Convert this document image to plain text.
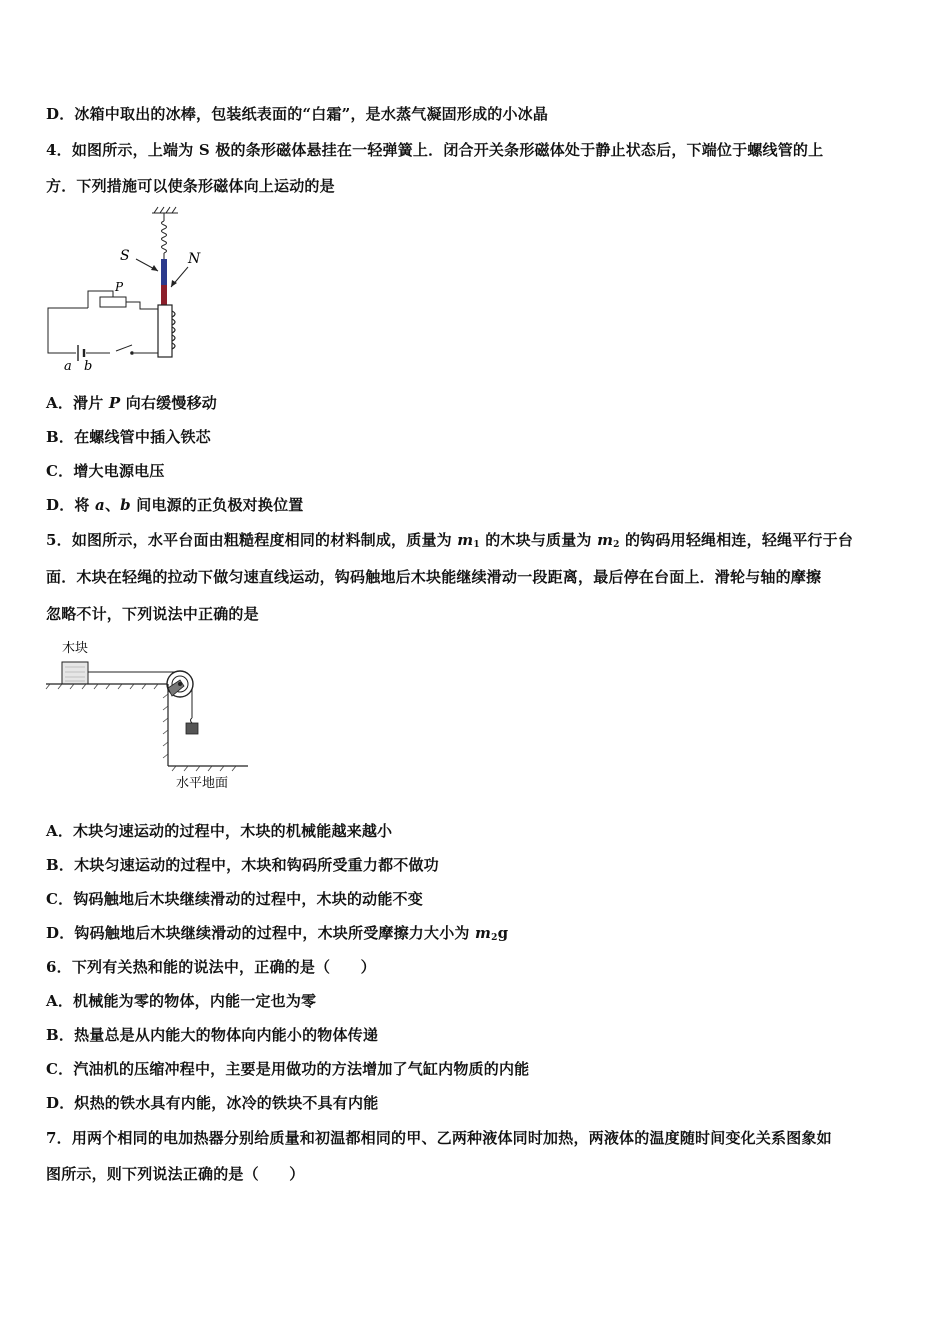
D．冰箱中取出的冰棒，包装纸表面的“白霜”，是水蒸气凝固形成的小冰晶
4．如图所示，上端为 S 极的条形磁体悬挂在一轻弹簧上．闭合开关条形磁体处于静止状态后，下端位于螺线管的上
方．下列措施可以使条形磁体向上运动的是
S	N
P
a b
A．滑片 P 向右缓慢移动
B．在螺线管中插入铁芯
C．增大电源电压
D．将 a、b 间电源的正负极对换位置
5．如图所示，水平台面由粗糙程度相同的材料制成，质量为 $m_1$ 的木块与质量为 $m_2$ 的钩码用轻绳相连，轻绳平行于台
面．木块在轻绳的拉动下做匀速直线运动，钩码触地后木块能继续滑动一段距离，最后停在台面上．滑轮与轴的摩擦
忽略不计，下列说法中正确的是
木块
水平地面
A．木块匀速运动的过程中，木块的机械能越来越小
B．木块匀速运动的过程中，木块和钩码所受重力都不做功
C．钩码触地后木块继续滑动的过程中，木块的动能不变
D．钩码触地后木块继续滑动的过程中，木块所受摩擦力大小为 $m_2g$
6．下列有关热和能的说法中，正确的是（　　）
A．机械能为零的物体，内能一定也为零
B．热量总是从内能大的物体向内能小的物体传递
C．汽油机的压缩冲程中，主要是用做功的方法增加了气缸内物质的内能
D．炽热的铁水具有内能，冰冷的铁块不具有内能
7．用两个相同的电加热器分别给质量和初温都相同的甲、乙两种液体同时加热，两液体的温度随时间变化关系图象如
图所示，则下列说法正确的是（　　）
